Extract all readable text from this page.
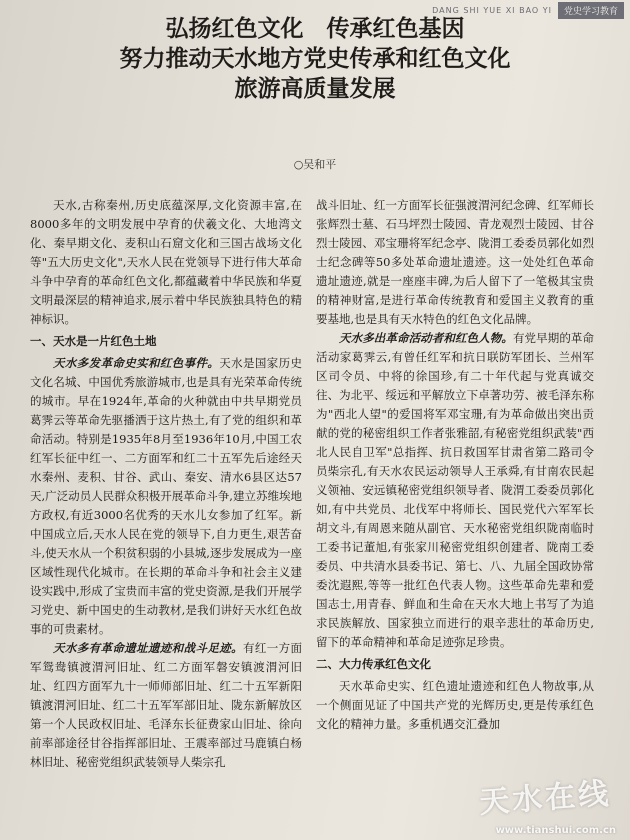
DANG SHI YUE XI BAO YI	党史学习教育
弘扬红色文化　传承红色基因
努力推动天水地方党史传承和红色文化
旅游高质量发展
○吴和平

天水,古称秦州,历史底蕴深厚,文化资源丰富,在8000多年的文明发展中孕育的伏羲文化、大地湾文化、秦早期文化、麦积山石窟文化和三国古战场文化等"五大历史文化",天水人民在党领导下进行伟大革命斗争中孕育的革命红色文化,都蕴藏着中华民族和华夏文明最深层的精神追求,展示着中华民族独具特色的精神标识。

一、天水是一片红色土地

天水多发革命史实和红色事件。天水是国家历史文化名城、中国优秀旅游城市,也是具有光荣革命传统的城市。早在1924年,革命的火种就由中共早期党员葛霁云等革命先驱播洒于这片热土,有了党的组织和革命活动。特别是1935年8月至1936年10月,中国工农红军长征中红一、二方面军和红二十五军先后途经天水秦州、麦积、甘谷、武山、秦安、清水6县区达57天,广泛动员人民群众积极开展革命斗争,建立苏维埃地方政权,有近3000名优秀的天水儿女参加了红军。新中国成立后,天水人民在党的领导下,自力更生,艰苦奋斗,使天水从一个积贫积弱的小县城,逐步发展成为一座区域性现代化城市。在长期的革命斗争和社会主义建设实践中,形成了宝贵而丰富的党史资源,是我们开展学习党史、新中国史的生动教材,是我们讲好天水红色故事的可贵素材。

天水多有革命遗址遗迹和战斗足迹。有红一方面军鸳鸯镇渡渭河旧址、红二方面军磐安镇渡渭河旧址、红四方面军九十一师师部旧址、红二十五军新阳镇渡渭河旧址、红二十五军军部旧址、陇东新解放区第一个人民政权旧址、毛泽东长征费家山旧址、徐向前率部途径甘谷指挥部旧址、王震率部过马鹿镇白杨林旧址、秘密党组织武装领导人柴宗孔

战斗旧址、红一方面军长征强渡渭河纪念碑、红军师长张辉烈士墓、石马坪烈士陵园、青龙观烈士陵园、甘谷烈士陵园、邓宝珊将军纪念亭、陇渭工委委员郭化如烈士纪念碑等50多处革命遗址遗迹。这一处处红色革命遗址遗迹,就是一座座丰碑,为后人留下了一笔极其宝贵的精神财富,是进行革命传统教育和爱国主义教育的重要基地,也是具有天水特色的红色文化品牌。

天水多出革命活动者和红色人物。有党早期的革命活动家葛霁云,有曾任红军和抗日联防军团长、兰州军区司令员、中将的徐国珍,有二十年代起与党真诚交往、为北平、绥远和平解放立下卓著功劳、被毛泽东称为"西北人望"的爱国将军邓宝珊,有为革命做出突出贡献的党的秘密组织工作者张雅韶,有秘密党组织武装"西北人民自卫军"总指挥、抗日救国军甘肃省第二路司令员柴宗孔,有天水农民运动领导人王承舜,有甘南农民起义领袖、安远镇秘密党组织领导者、陇渭工委委员郭化如,有中共党员、北伐军中将师长、国民党代六军军长胡文斗,有周恩来随从副官、天水秘密党组织陇南临时工委书记董旭,有张家川秘密党组织创建者、陇南工委委员、中共清水县委书记、第七、八、九届全国政协常委沈遐熙,等等一批红色代表人物。这些革命先辈和爱国志士,用青春、鲜血和生命在天水大地上书写了为追求民族解放、国家独立而进行的艰辛悲壮的革命历史,留下的革命精神和革命足迹弥足珍贵。

二、大力传承红色文化

天水革命史实、红色遗址遗迹和红色人物故事,从一个侧面见证了中国共产党的光辉历史,更是传承红色文化的精神力量。多重机遇交汇叠加

天水在线
www.tianshui.com.cn
